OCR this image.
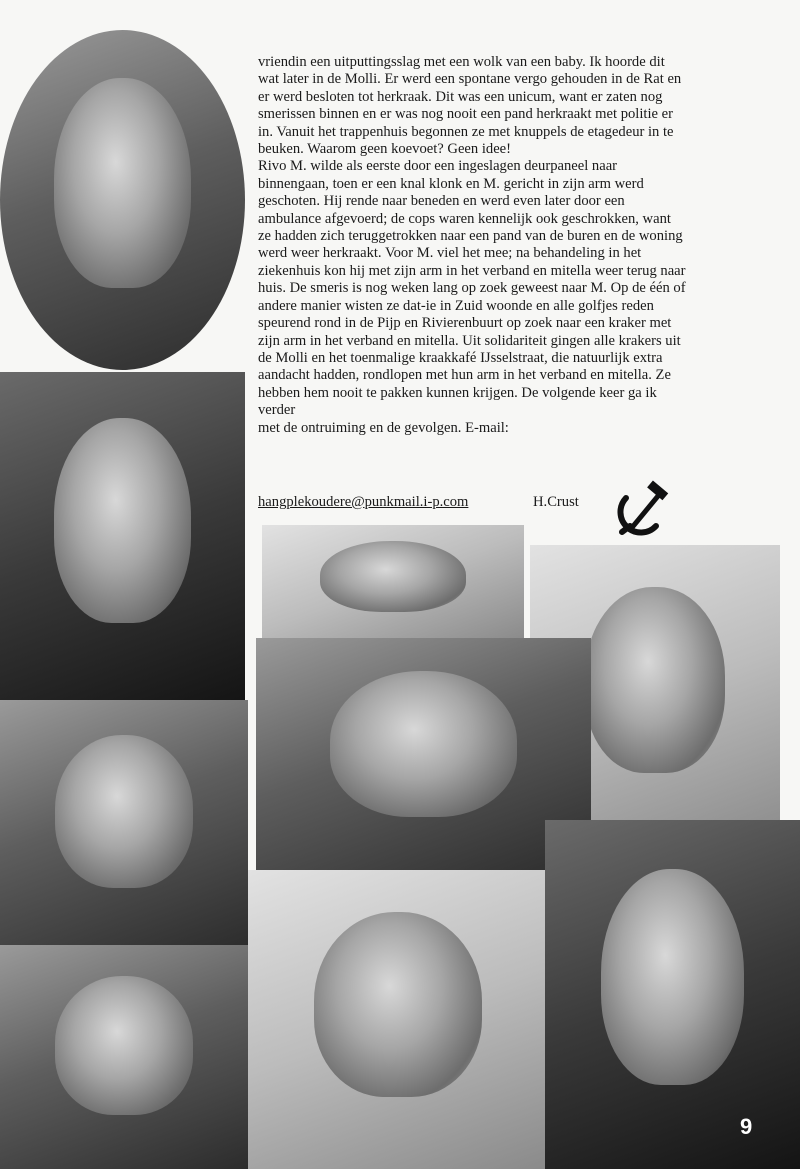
vriendin een uitputtingsslag met een wolk van een baby. Ik hoorde dit
wat later in de Molli. Er werd een spontane vergo gehouden in de Rat en
er werd besloten tot herkraak. Dit was een unicum, want er zaten nog
smerissen binnen en er was nog nooit een pand herkraakt met politie er
in. Vanuit het trappenhuis begonnen ze met knuppels de etagedeur in te
beuken. Waarom geen koevoet? Geen idee!

Rivo M. wilde als eerste door een ingeslagen deurpaneel naar
binnengaan, toen er een knal klonk en M. gericht in zijn arm werd
geschoten. Hij rende naar beneden en werd even later door een
ambulance afgevoerd; de cops waren kennelijk ook geschrokken, want
ze hadden zich teruggetrokken naar een pand van de buren en de woning
werd weer herkraakt. Voor M. viel het mee; na behandeling in het
ziekenhuis kon hij met zijn arm in het verband en mitella weer terug naar
huis. De smeris is nog weken lang op zoek geweest naar M. Op de één of
andere manier wisten ze dat-ie in Zuid woonde en alle golfjes reden
speurend rond in de Pijp en Rivierenbuurt op zoek naar een kraker met
zijn arm in het verband en mitella. Uit solidariteit gingen alle krakers uit
de Molli en het toenmalige kraakkafé IJsselstraat, die natuurlijk extra
aandacht hadden, rondlopen met hun arm in het verband en mitella. Ze
hebben hem nooit te pakken kunnen krijgen. De volgende keer ga ik
verder

met de ontruiming en de gevolgen. E-mail:

hangplekoudere@punkmail.i-p.com	H.Crust
9
